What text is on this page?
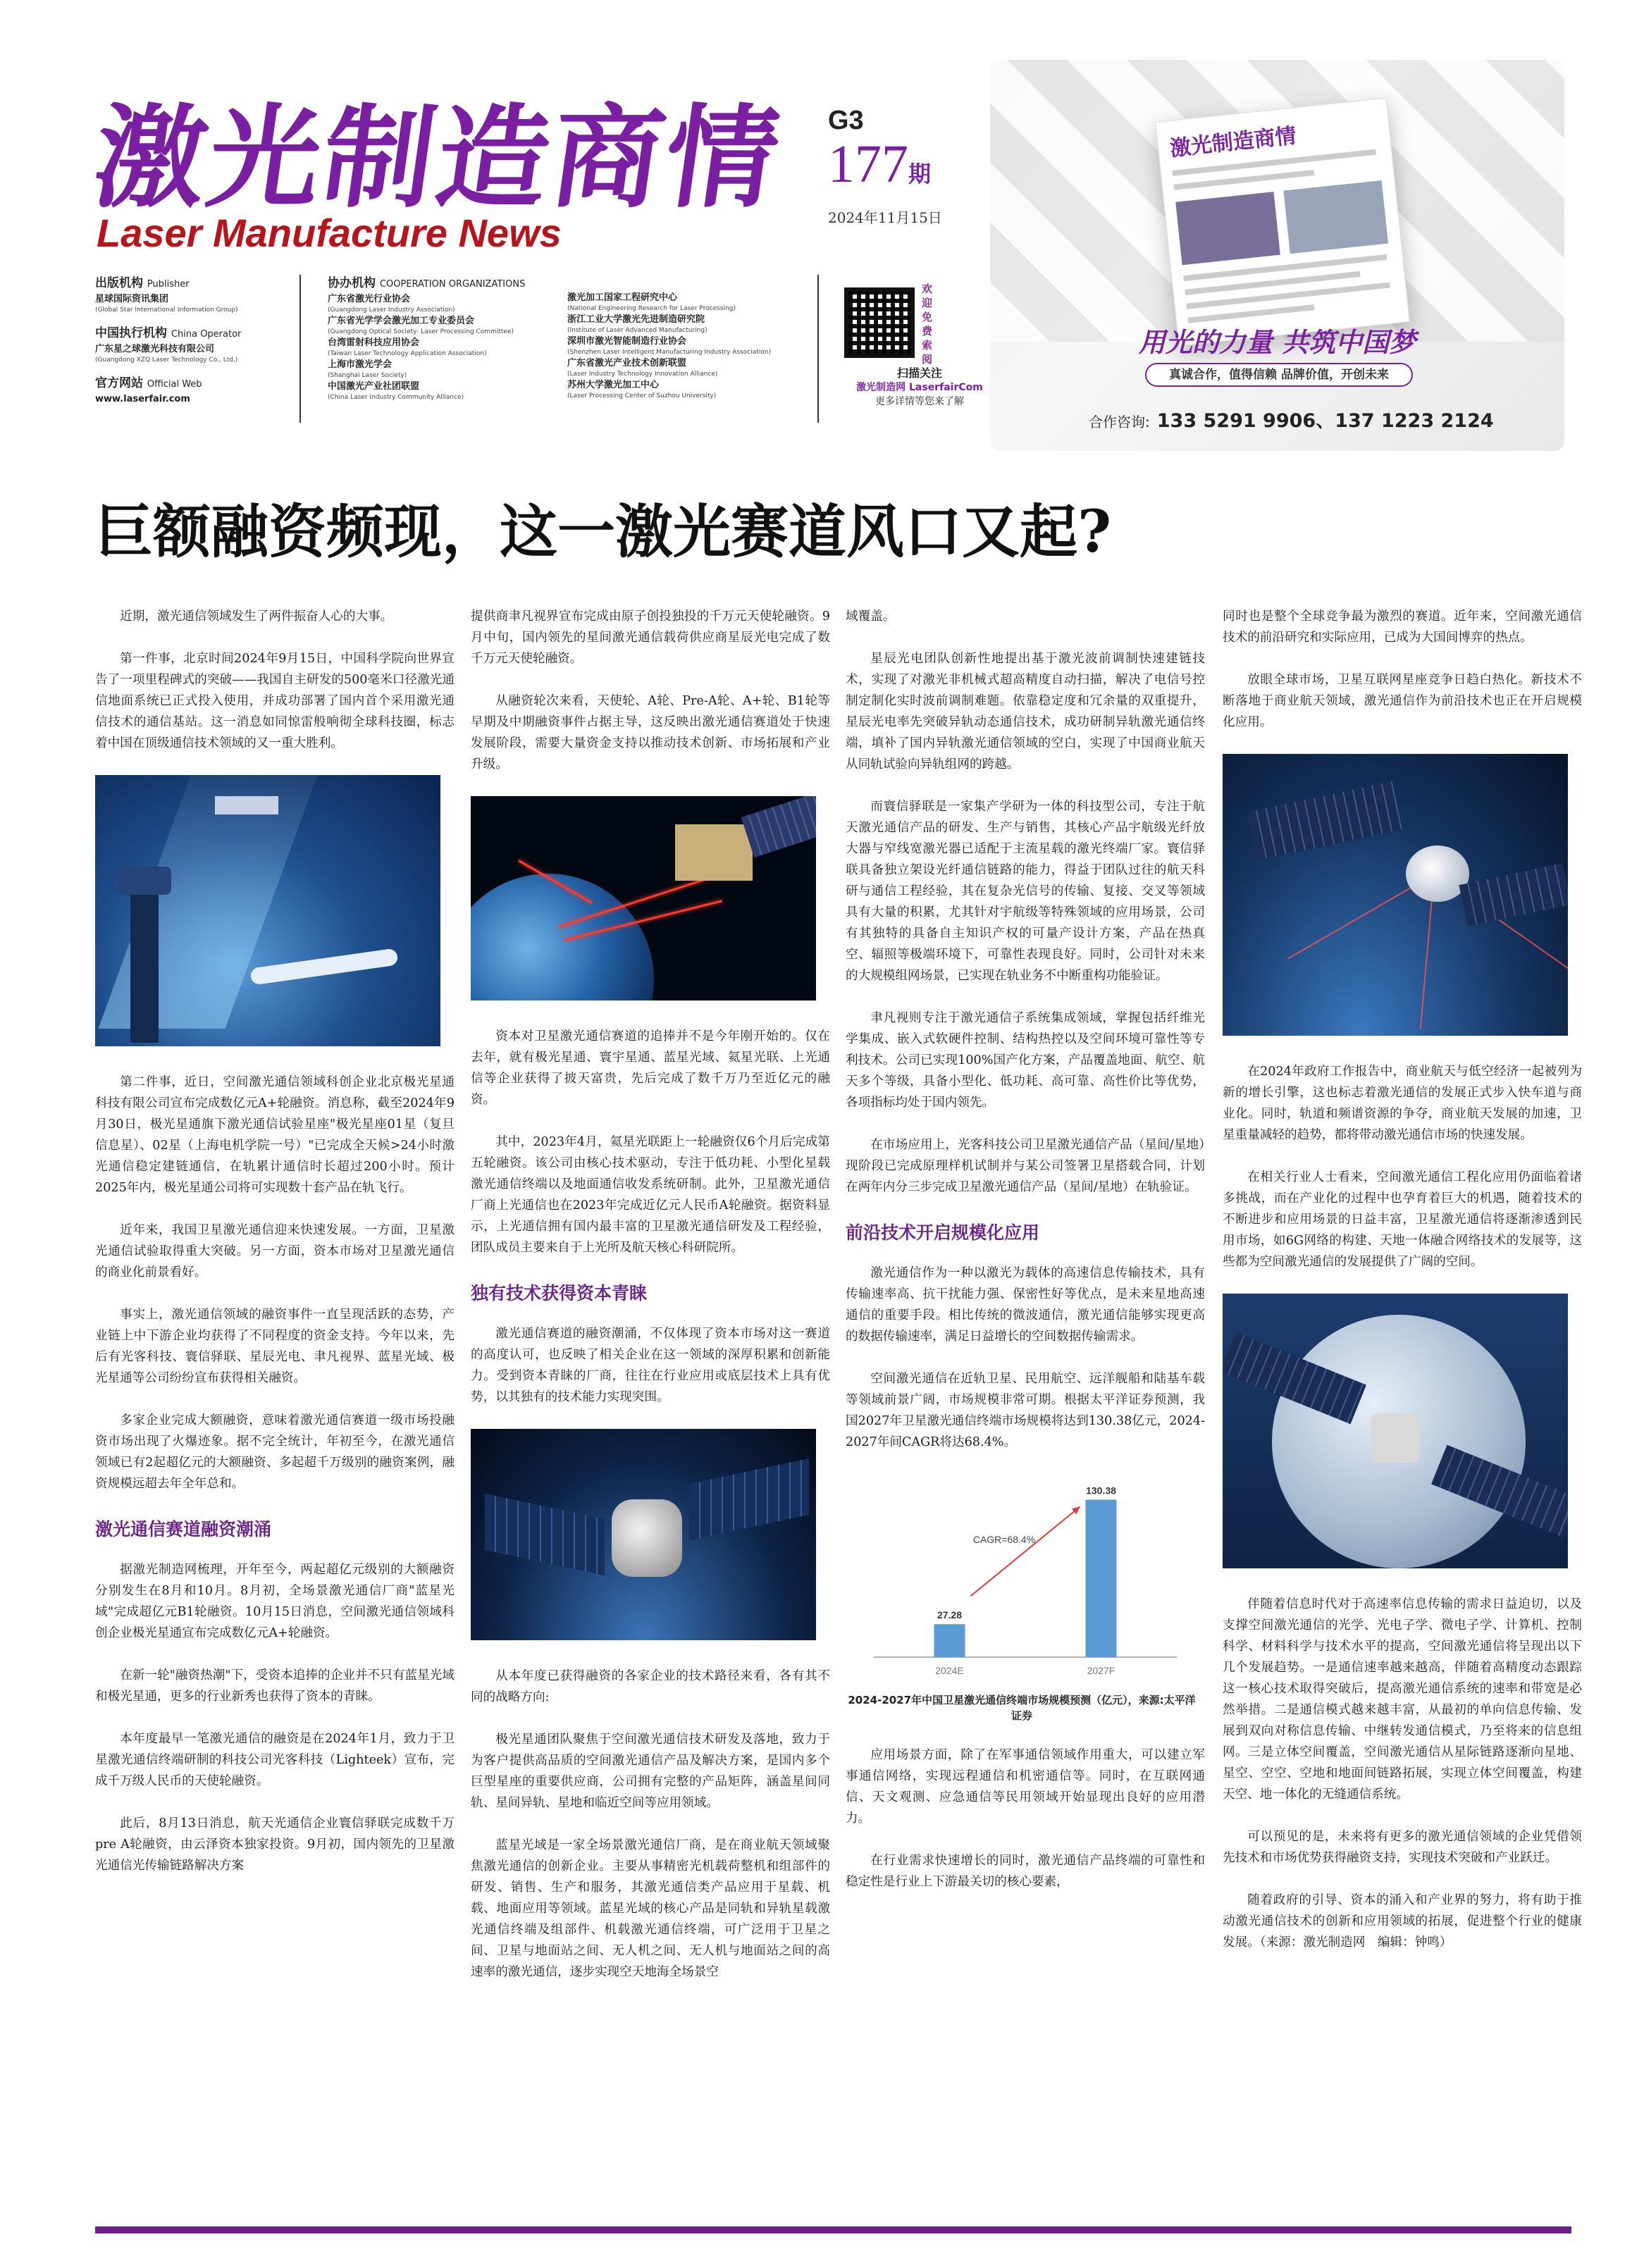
激光制造商情
Laser Manufacture News
G3
177期
2024年11月15日
出版机构 Publisher
星球国际资讯集团
(Global Star International Information Group)
中国执行机构 China Operator
广东星之球激光科技有限公司
(Guangdong XZQ Laser Technology Co., Ltd.)
官方网站 Official Web
www.laserfair.com
协办机构 COOPERATION ORGANIZATIONS
广东省激光行业协会
(Guangdong Laser Industry Association)
广东省光学学会激光加工专业委员会
(Guangdong Optical Society- Laser Processing Committee)
台湾雷射科技应用协会
(Taiwan Laser Technology Application Association)
上海市激光学会
(Shanghai Laser Society)
中国激光产业社团联盟
(China Laser Industry Community Alliance)
激光加工国家工程研究中心
(National Engineering Research for Laser Processing)
浙江工业大学激光先进制造研究院
(Institute of Laser Advanced Manufacturing)
深圳市激光智能制造行业协会
(Shenzhen Laser Intelligent Manufacturing Industry Association)
广东省激光产业技术创新联盟
(Laser Industry Technology Innovation Alliance)
苏州大学激光加工中心
(Laser Processing Center of Suzhou University)
欢迎免费索阅
扫描关注
激光制造网 LaserfairCom
更多详情等您来了解
激光制造商情
用光的力量 共筑中国梦
真诚合作，值得信赖 品牌价值，开创未来
合作咨询: 133 5291 9906、137 1223 2124
巨额融资频现，这一激光赛道风口又起?

近期，激光通信领域发生了两件振奋人心的大事。

第一件事，北京时间2024年9月15日，中国科学院向世界宣告了一项里程碑式的突破——我国自主研发的500毫米口径激光通信地面系统已正式投入使用，并成功部署了国内首个采用激光通信技术的通信基站。这一消息如同惊雷般响彻全球科技圈，标志着中国在顶级通信技术领域的又一重大胜利。

第二件事，近日，空间激光通信领域科创企业北京极光星通科技有限公司宣布完成数亿元A+轮融资。消息称，截至2024年9月30日，极光星通旗下激光通信试验星座"极光星座01星（复旦信息星）、02星（上海电机学院一号）"已完成全天候>24小时激光通信稳定建链通信，在轨累计通信时长超过200小时。预计2025年内，极光星通公司将可实现数十套产品在轨飞行。

近年来，我国卫星激光通信迎来快速发展。一方面，卫星激光通信试验取得重大突破。另一方面，资本市场对卫星激光通信的商业化前景看好。

事实上，激光通信领域的融资事件一直呈现活跃的态势，产业链上中下游企业均获得了不同程度的资金支持。今年以来，先后有光客科技、寰信驿联、星辰光电、聿凡视界、蓝星光域、极光星通等公司纷纷宣布获得相关融资。

多家企业完成大额融资，意味着激光通信赛道一级市场投融资市场出现了火爆迹象。据不完全统计，年初至今，在激光通信领域已有2起超亿元的大额融资、多起超千万级别的融资案例，融资规模远超去年全年总和。

激光通信赛道融资潮涌

据激光制造网梳理，开年至今，两起超亿元级别的大额融资分别发生在8月和10月。8月初，全场景激光通信厂商"蓝星光域"完成超亿元B1轮融资。10月15日消息，空间激光通信领域科创企业极光星通宣布完成数亿元A+轮融资。

在新一轮"融资热潮"下，受资本追捧的企业并不只有蓝星光域和极光星通，更多的行业新秀也获得了资本的青睐。

本年度最早一笔激光通信的融资是在2024年1月，致力于卫星激光通信终端研制的科技公司光客科技（Lighteek）宣布，完成千万级人民币的天使轮融资。

此后，8月13日消息，航天光通信企业寰信驿联完成数千万pre A轮融资，由云泽资本独家投资。9月初，国内领先的卫星激光通信光传输链路解决方案

提供商聿凡视界宣布完成由原子创投独投的千万元天使轮融资。9月中旬，国内领先的星间激光通信载荷供应商星辰光电完成了数千万元天使轮融资。

从融资轮次来看，天使轮、A轮、Pre-A轮、A+轮、B1轮等早期及中期融资事件占据主导，这反映出激光通信赛道处于快速发展阶段，需要大量资金支持以推动技术创新、市场拓展和产业升级。

资本对卫星激光通信赛道的追捧并不是今年刚开始的。仅在去年，就有极光星通、寰宇星通、蓝星光域、氦星光联、上光通信等企业获得了披天富贵，先后完成了数千万乃至近亿元的融资。

其中，2023年4月，氦星光联距上一轮融资仅6个月后完成第五轮融资。该公司由核心技术驱动，专注于低功耗、小型化星载激光通信终端以及地面通信收发系统研制。此外，卫星激光通信厂商上光通信也在2023年完成近亿元人民币A轮融资。据资料显示，上光通信拥有国内最丰富的卫星激光通信研发及工程经验，团队成员主要来自于上光所及航天核心科研院所。

独有技术获得资本青睐

激光通信赛道的融资潮涌，不仅体现了资本市场对这一赛道的高度认可，也反映了相关企业在这一领域的深厚积累和创新能力。受到资本青睐的厂商，往往在行业应用或底层技术上具有优势，以其独有的技术能力实现突围。

从本年度已获得融资的各家企业的技术路径来看，各有其不同的战略方向:

极光星通团队聚焦于空间激光通信技术研发及落地，致力于为客户提供高品质的空间激光通信产品及解决方案，是国内多个巨型星座的重要供应商，公司拥有完整的产品矩阵，涵盖星间同轨、星间异轨、星地和临近空间等应用领域。

蓝星光域是一家全场景激光通信厂商，是在商业航天领域聚焦激光通信的创新企业。主要从事精密光机载荷整机和组部件的研发、销售、生产和服务，其激光通信类产品应用于星载、机载、地面应用等领域。蓝星光域的核心产品是同轨和异轨星载激光通信终端及组部件、机载激光通信终端，可广泛用于卫星之间、卫星与地面站之间、无人机之间、无人机与地面站之间的高速率的激光通信，逐步实现空天地海全场景空

域覆盖。

星辰光电团队创新性地提出基于激光波前调制快速建链技术，实现了对激光非机械式超高精度自动扫描，解决了电信号控制定制化实时波前调制难题。依靠稳定度和冗余量的双重提升，星辰光电率先突破异轨动态通信技术，成功研制异轨激光通信终端，填补了国内异轨激光通信领域的空白，实现了中国商业航天从同轨试验向异轨组网的跨越。

而寰信驿联是一家集产学研为一体的科技型公司，专注于航天激光通信产品的研发、生产与销售，其核心产品宇航级光纤放大器与窄线宽激光器已适配于主流星载的激光终端厂家。寰信驿联具备独立架设光纤通信链路的能力，得益于团队过往的航天科研与通信工程经验，其在复杂光信号的传输、复接、交叉等领域具有大量的积累，尤其针对宇航级等特殊领域的应用场景，公司有其独特的具备自主知识产权的可量产设计方案，产品在热真空、辐照等极端环境下，可靠性表现良好。同时，公司针对未来的大规模组网场景，已实现在轨业务不中断重构功能验证。

聿凡视则专注于激光通信子系统集成领域，掌握包括纤维光学集成、嵌入式软硬件控制、结构热控以及空间环境可靠性等专利技术。公司已实现100%国产化方案，产品覆盖地面、航空、航天多个等级，具备小型化、低功耗、高可靠、高性价比等优势，各项指标均处于国内领先。

在市场应用上，光客科技公司卫星激光通信产品（星间/星地）现阶段已完成原理样机试制并与某公司签署卫星搭载合同，计划在两年内分三步完成卫星激光通信产品（星间/星地）在轨验证。

前沿技术开启规模化应用

激光通信作为一种以激光为载体的高速信息传输技术，具有传输速率高、抗干扰能力强、保密性好等优点，是未来星地高速通信的重要手段。相比传统的微波通信，激光通信能够实现更高的数据传输速率，满足日益增长的空间数据传输需求。

空间激光通信在近轨卫星、民用航空、远洋舰船和陆基车载等领域前景广阔，市场规模非常可期。根据太平洋证券预测，我国2027年卫星激光通信终端市场规模将达到130.38亿元，2024-2027年间CAGR将达68.4%。

27.28
2024E
130.38
2027F
CAGR=68.4%
2024-2027年中国卫星激光通信终端市场规模预测（亿元），来源:太平洋证券

应用场景方面，除了在军事通信领域作用重大，可以建立军事通信网络，实现远程通信和机密通信等。同时，在互联网通信、天文观测、应急通信等民用领域开始显现出良好的应用潜力。

在行业需求快速增长的同时，激光通信产品终端的可靠性和稳定性是行业上下游最关切的核心要素，

同时也是整个全球竞争最为激烈的赛道。近年来，空间激光通信技术的前沿研究和实际应用，已成为大国间博弈的热点。

放眼全球市场，卫星互联网星座竞争日趋白热化。新技术不断落地于商业航天领域，激光通信作为前沿技术也正在开启规模化应用。

在2024年政府工作报告中，商业航天与低空经济一起被列为新的增长引擎，这也标志着激光通信的发展正式步入快车道与商业化。同时，轨道和频谱资源的争夺，商业航天发展的加速，卫星重量减轻的趋势，都将带动激光通信市场的快速发展。

在相关行业人士看来，空间激光通信工程化应用仍面临着诸多挑战，而在产业化的过程中也孕育着巨大的机遇，随着技术的不断进步和应用场景的日益丰富，卫星激光通信将逐渐渗透到民用市场，如6G网络的构建、天地一体融合网络技术的发展等，这些都为空间激光通信的发展提供了广阔的空间。

伴随着信息时代对于高速率信息传输的需求日益迫切，以及支撑空间激光通信的光学、光电子学、微电子学、计算机、控制科学、材料科学与技术水平的提高，空间激光通信将呈现出以下几个发展趋势。一是通信速率越来越高，伴随着高精度动态跟踪这一核心技术取得突破后，提高激光通信系统的速率和带宽是必然举措。二是通信模式越来越丰富，从最初的单向信息传输、发展到双向对称信息传输、中继转发通信模式，乃至将来的信息组网。三是立体空间覆盖，空间激光通信从星际链路逐渐向星地、星空、空空、空地和地面间链路拓展，实现立体空间覆盖，构建天空、地一体化的无缝通信系统。

可以预见的是，未来将有更多的激光通信领域的企业凭借领先技术和市场优势获得融资支持，实现技术突破和产业跃迁。

随着政府的引导、资本的涌入和产业界的努力，将有助于推动激光通信技术的创新和应用领域的拓展，促进整个行业的健康发展。（来源：激光制造网　编辑：钟鸣）
